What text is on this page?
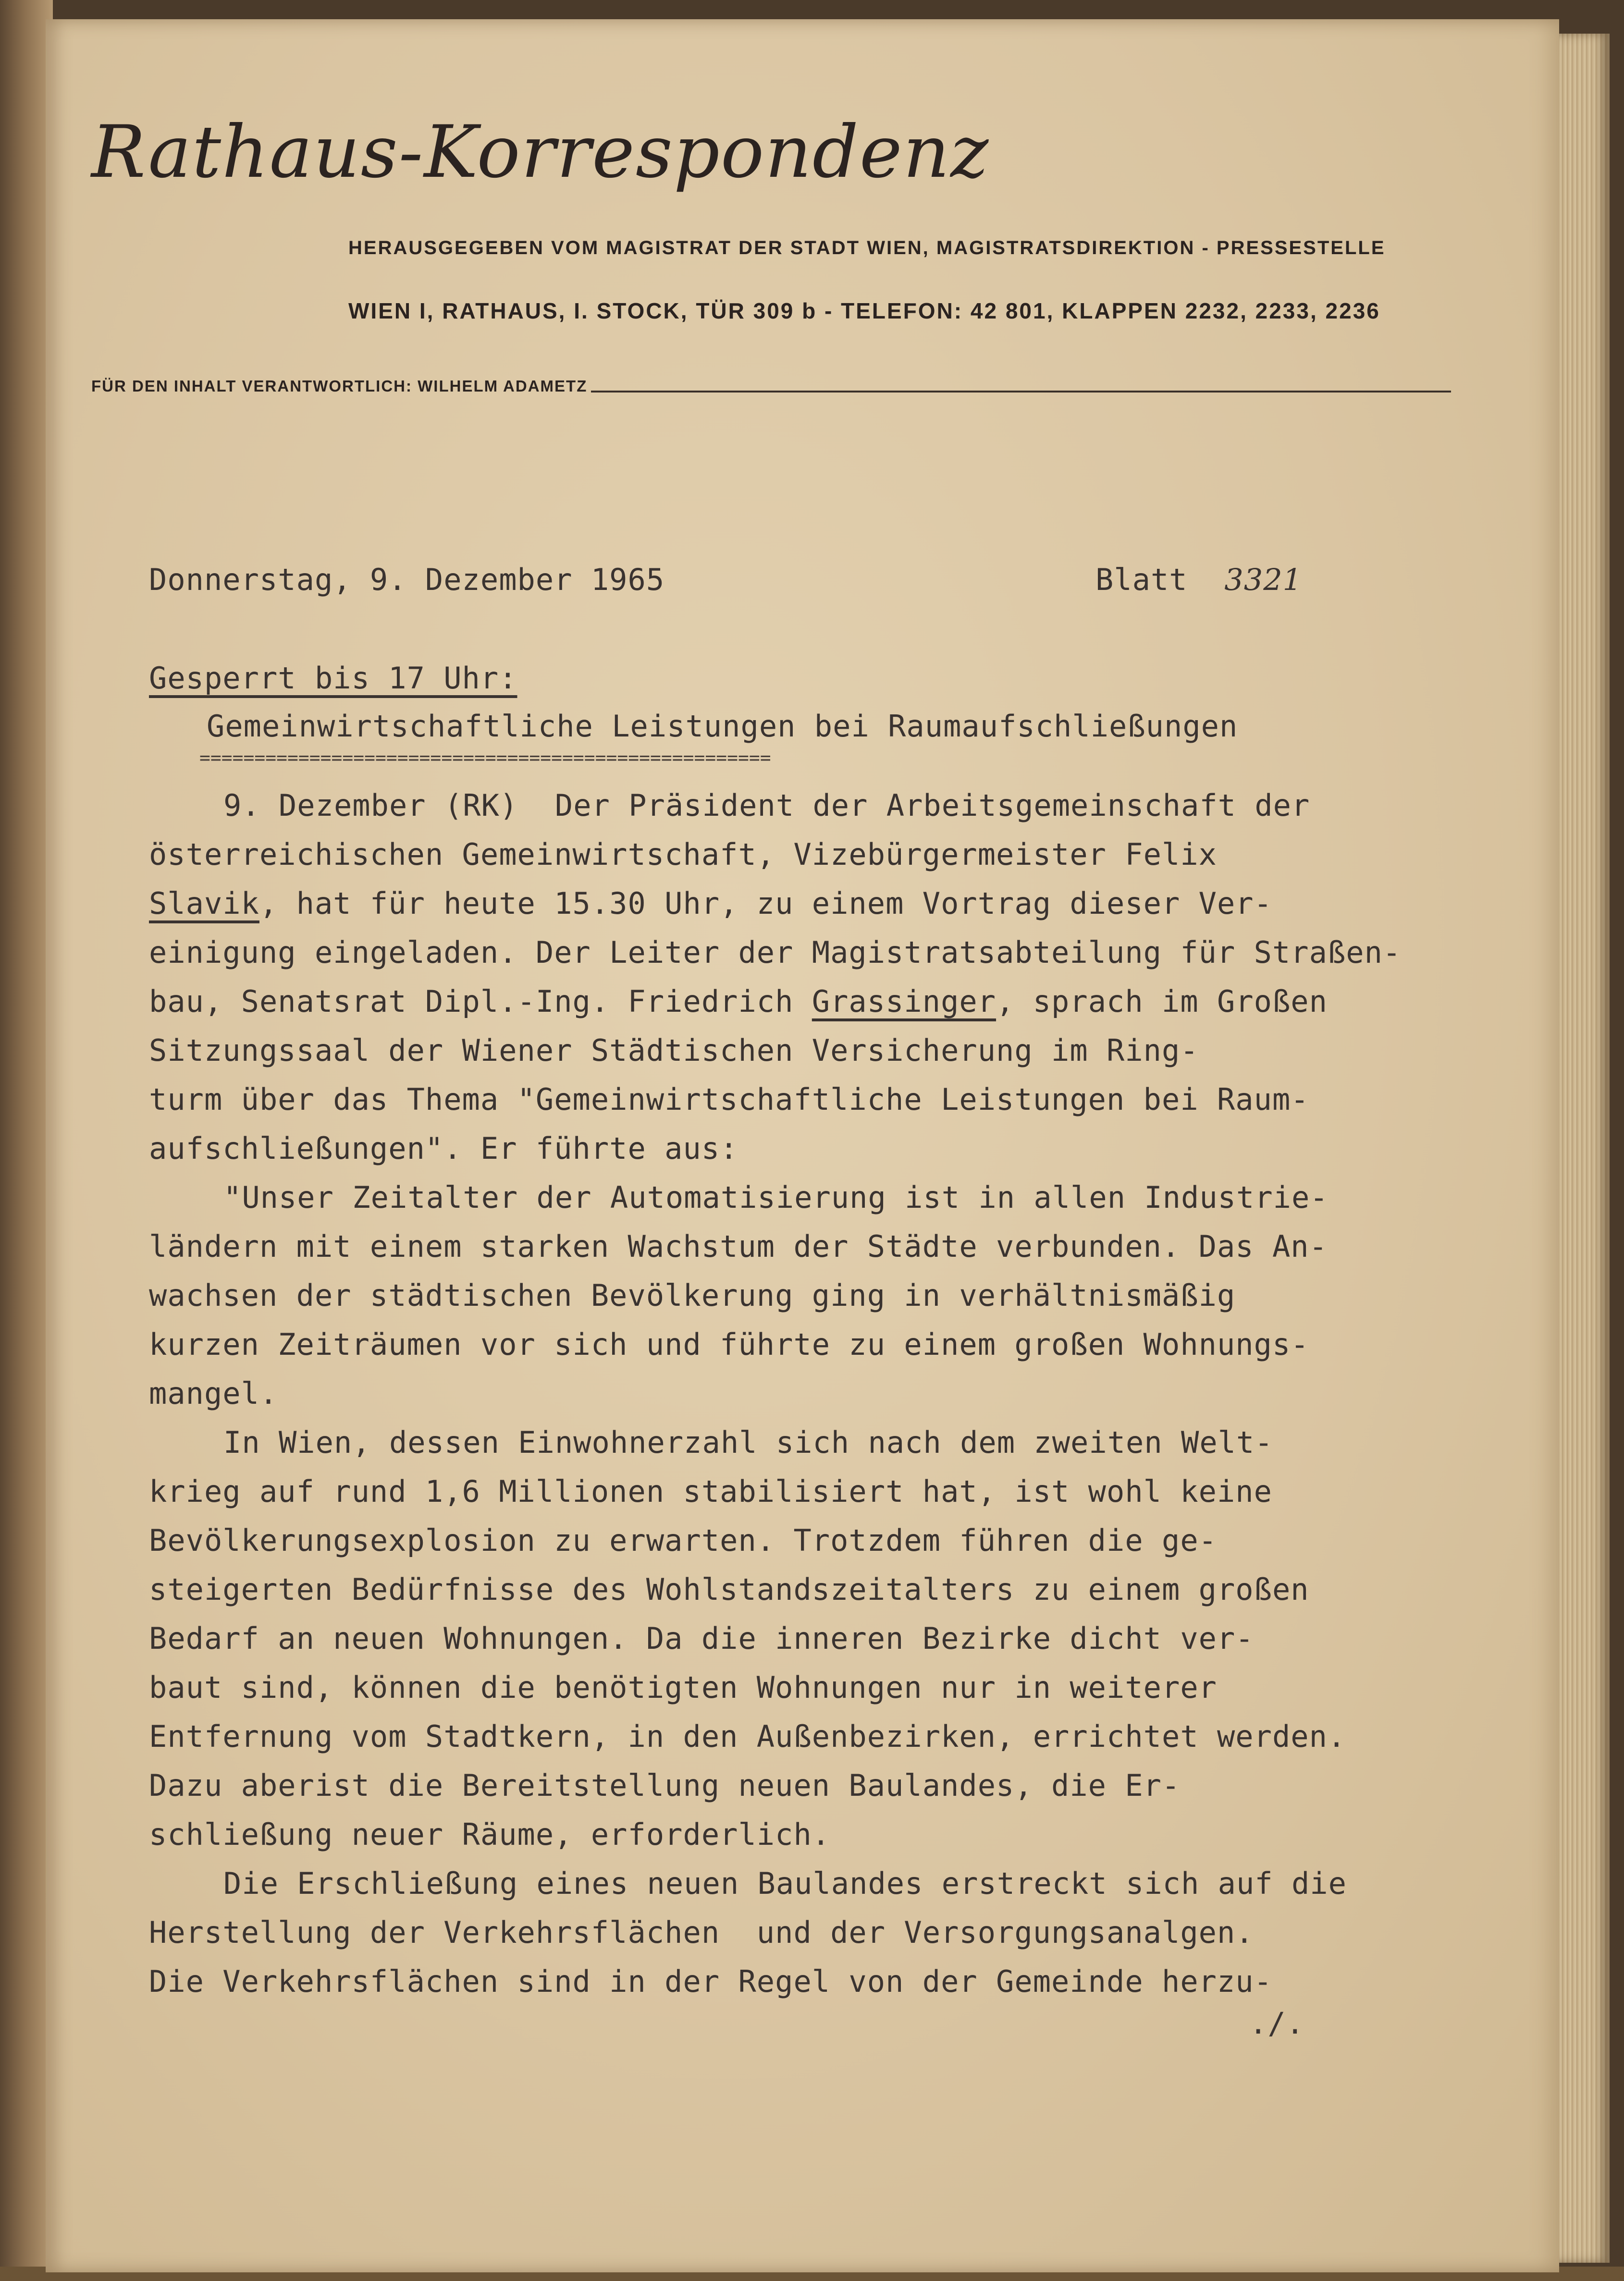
Rathaus-Korrespondenz
HERAUSGEGEBEN VOM MAGISTRAT DER STADT WIEN, MAGISTRATSDIREKTION - PRESSESTELLE
WIEN I, RATHAUS, I. STOCK, TÜR 309 b - TELEFON: 42 801, KLAPPEN 2232, 2233, 2236
FÜR DEN INHALT VERANTWORTLICH: WILHELM ADAMETZ
Donnerstag, 9. Dezember 1965	Blatt 3321
Gesperrt bis 17 Uhr:
Gemeinwirtschaftliche Leistungen bei Raumaufschließungen
====================================================
9. Dezember (RK)  Der Präsident der Arbeitsgemeinschaft der
österreichischen Gemeinwirtschaft, Vizebürgermeister Felix
Slavik, hat für heute 15.30 Uhr, zu einem Vortrag dieser Ver-
einigung eingeladen. Der Leiter der Magistratsabteilung für Straßen-
bau, Senatsrat Dipl.-Ing. Friedrich Grassinger, sprach im Großen
Sitzungssaal der Wiener Städtischen Versicherung im Ring-
turm über das Thema "Gemeinwirtschaftliche Leistungen bei Raum-
aufschließungen". Er führte aus:
"Unser Zeitalter der Automatisierung ist in allen Industrie-
ländern mit einem starken Wachstum der Städte verbunden. Das An-
wachsen der städtischen Bevölkerung ging in verhältnismäßig
kurzen Zeiträumen vor sich und führte zu einem großen Wohnungs-
mangel.
In Wien, dessen Einwohnerzahl sich nach dem zweiten Welt-
krieg auf rund 1,6 Millionen stabilisiert hat, ist wohl keine
Bevölkerungsexplosion zu erwarten. Trotzdem führen die ge-
steigerten Bedürfnisse des Wohlstandszeitalters zu einem großen
Bedarf an neuen Wohnungen. Da die inneren Bezirke dicht ver-
baut sind, können die benötigten Wohnungen nur in weiterer
Entfernung vom Stadtkern, in den Außenbezirken, errichtet werden.
Dazu aberist die Bereitstellung neuen Baulandes, die Er-
schließung neuer Räume, erforderlich.
Die Erschließung eines neuen Baulandes erstreckt sich auf die
Herstellung der Verkehrsflächen  und der Versorgungsanalgen.
Die Verkehrsflächen sind in der Regel von der Gemeinde herzu-
./.
